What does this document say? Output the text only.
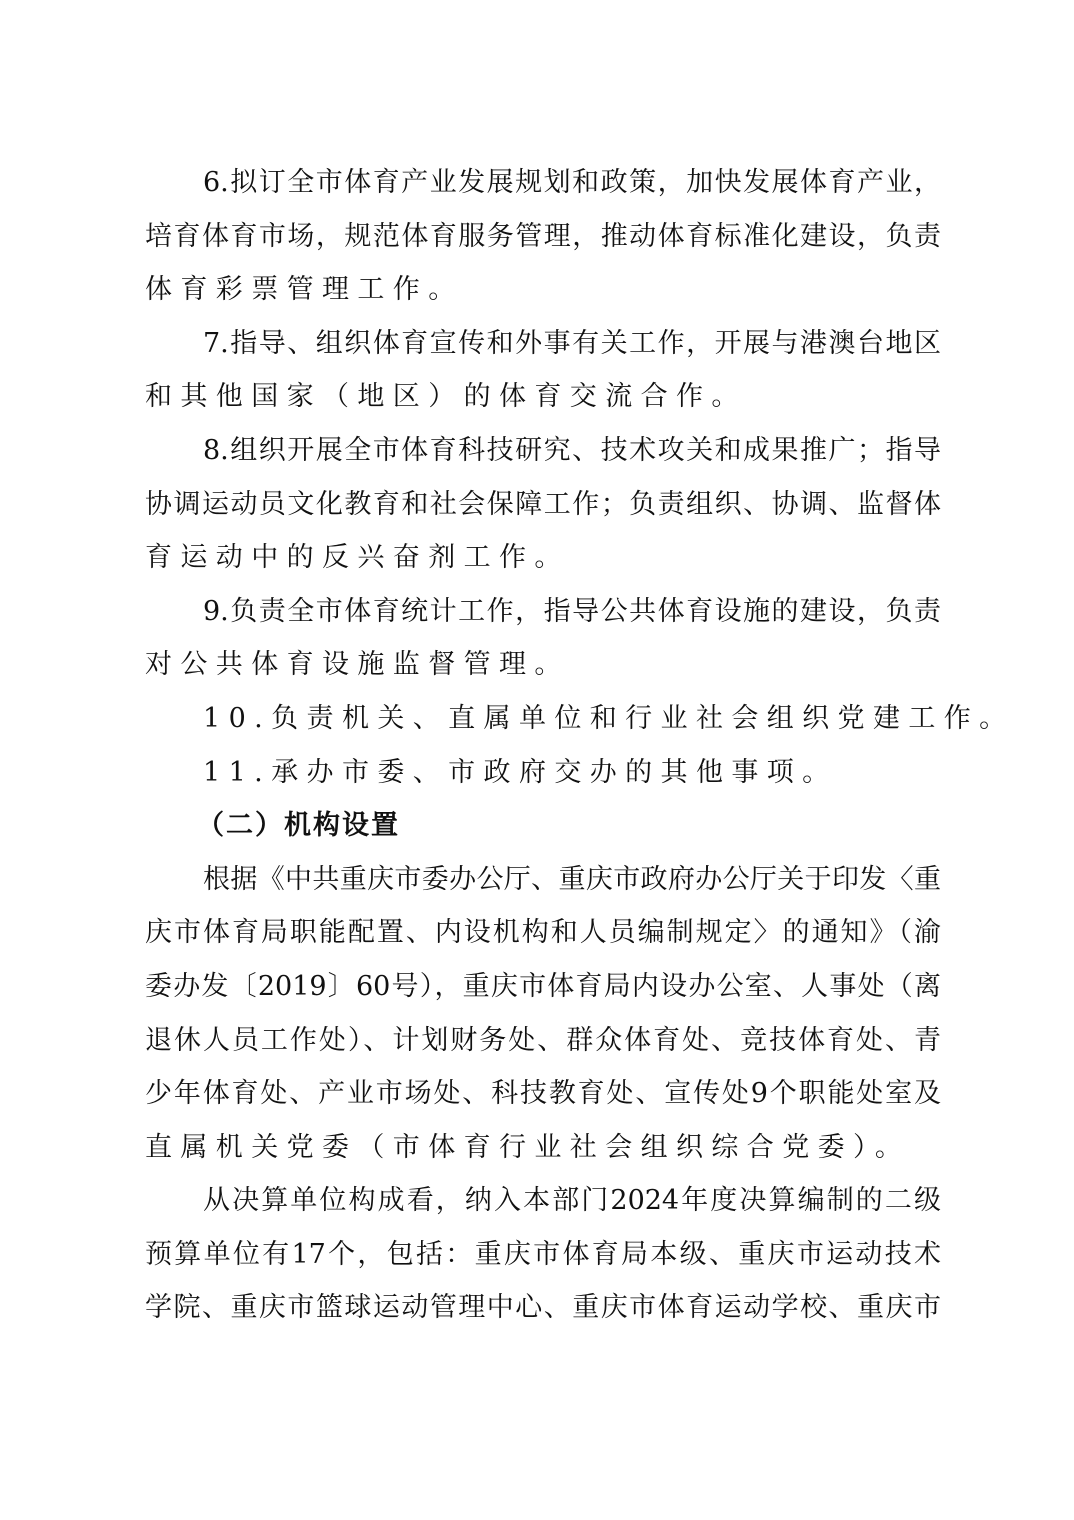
6.拟订全市体育产业发展规划和政策，加快发展体育产业，
培育体育市场，规范体育服务管理，推动体育标准化建设，负责
体育彩票管理工作。
7.指导、组织体育宣传和外事有关工作，开展与港澳台地区
和其他国家（地区）的体育交流合作。
8.组织开展全市体育科技研究、技术攻关和成果推广；指导
协调运动员文化教育和社会保障工作；负责组织、协调、监督体
育运动中的反兴奋剂工作。
9.负责全市体育统计工作，指导公共体育设施的建设，负责
对公共体育设施监督管理。
10.负责机关、直属单位和行业社会组织党建工作。
11.承办市委、市政府交办的其他事项。
（二）机构设置
根据《中共重庆市委办公厅、重庆市政府办公厅关于印发〈重
庆市体育局职能配置、内设机构和人员编制规定〉的通知》（渝
委办发〔2019〕60号），重庆市体育局内设办公室、人事处（离
退休人员工作处）、计划财务处、群众体育处、竞技体育处、青
少年体育处、产业市场处、科技教育处、宣传处9个职能处室及
直属机关党委（市体育行业社会组织综合党委）。
从决算单位构成看，纳入本部门2024年度决算编制的二级
预算单位有17个，包括：重庆市体育局本级、重庆市运动技术
学院、重庆市篮球运动管理中心、重庆市体育运动学校、重庆市
